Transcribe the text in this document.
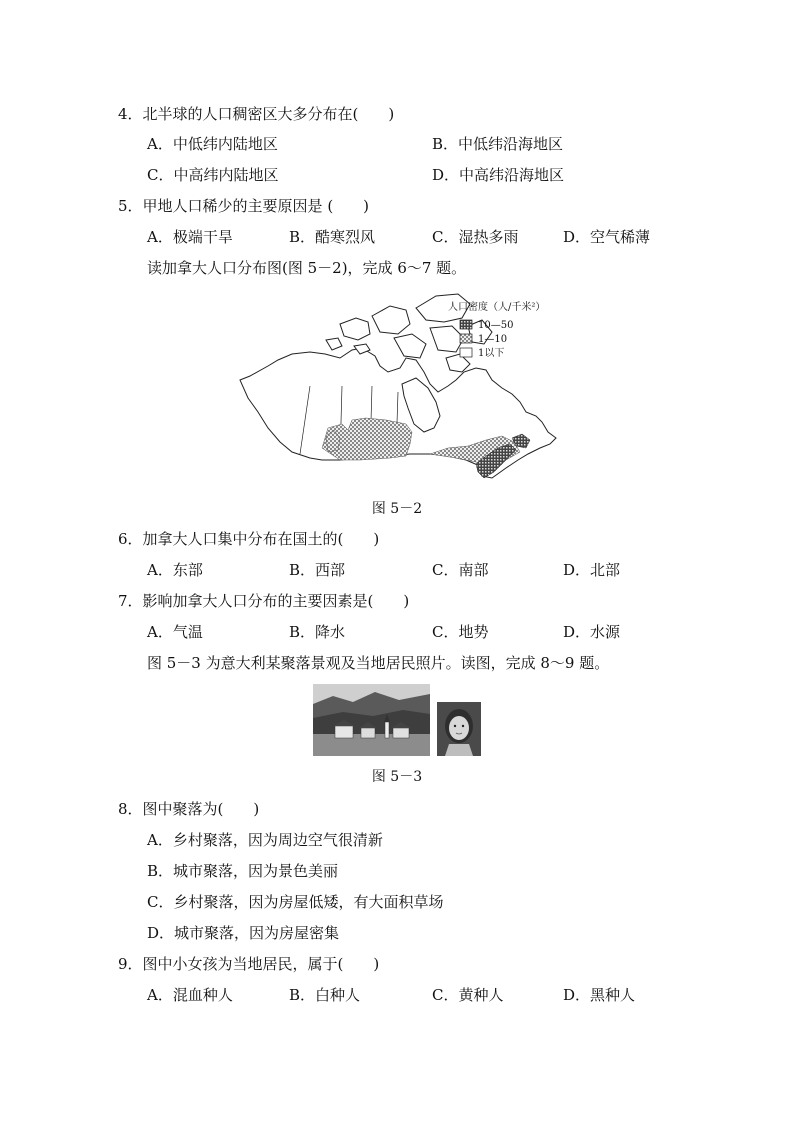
4．北半球的人口稠密区大多分布在(　　)
A．中低纬内陆地区	B．中低纬沿海地区
C．中高纬内陆地区	D．中高纬沿海地区
5．甲地人口稀少的主要原因是 (　　)
A．极端干旱	B．酷寒烈风	C．湿热多雨	D．空气稀薄
读加拿大人口分布图(图 5－2)，完成 6～7 题。
人口密度（人/千米²）
10—50
1—10
1以下
图 5－2
6．加拿大人口集中分布在国土的(　　)
A．东部	B．西部	C．南部	D．北部
7．影响加拿大人口分布的主要因素是(　　)
A．气温	B．降水	C．地势	D．水源
图 5－3 为意大利某聚落景观及当地居民照片。读图，完成 8～9 题。
图 5－3
8．图中聚落为(　　)
A．乡村聚落，因为周边空气很清新
B．城市聚落，因为景色美丽
C．乡村聚落，因为房屋低矮，有大面积草场
D．城市聚落，因为房屋密集
9．图中小女孩为当地居民，属于(　　)
A．混血种人	B．白种人	C．黄种人	D．黑种人
